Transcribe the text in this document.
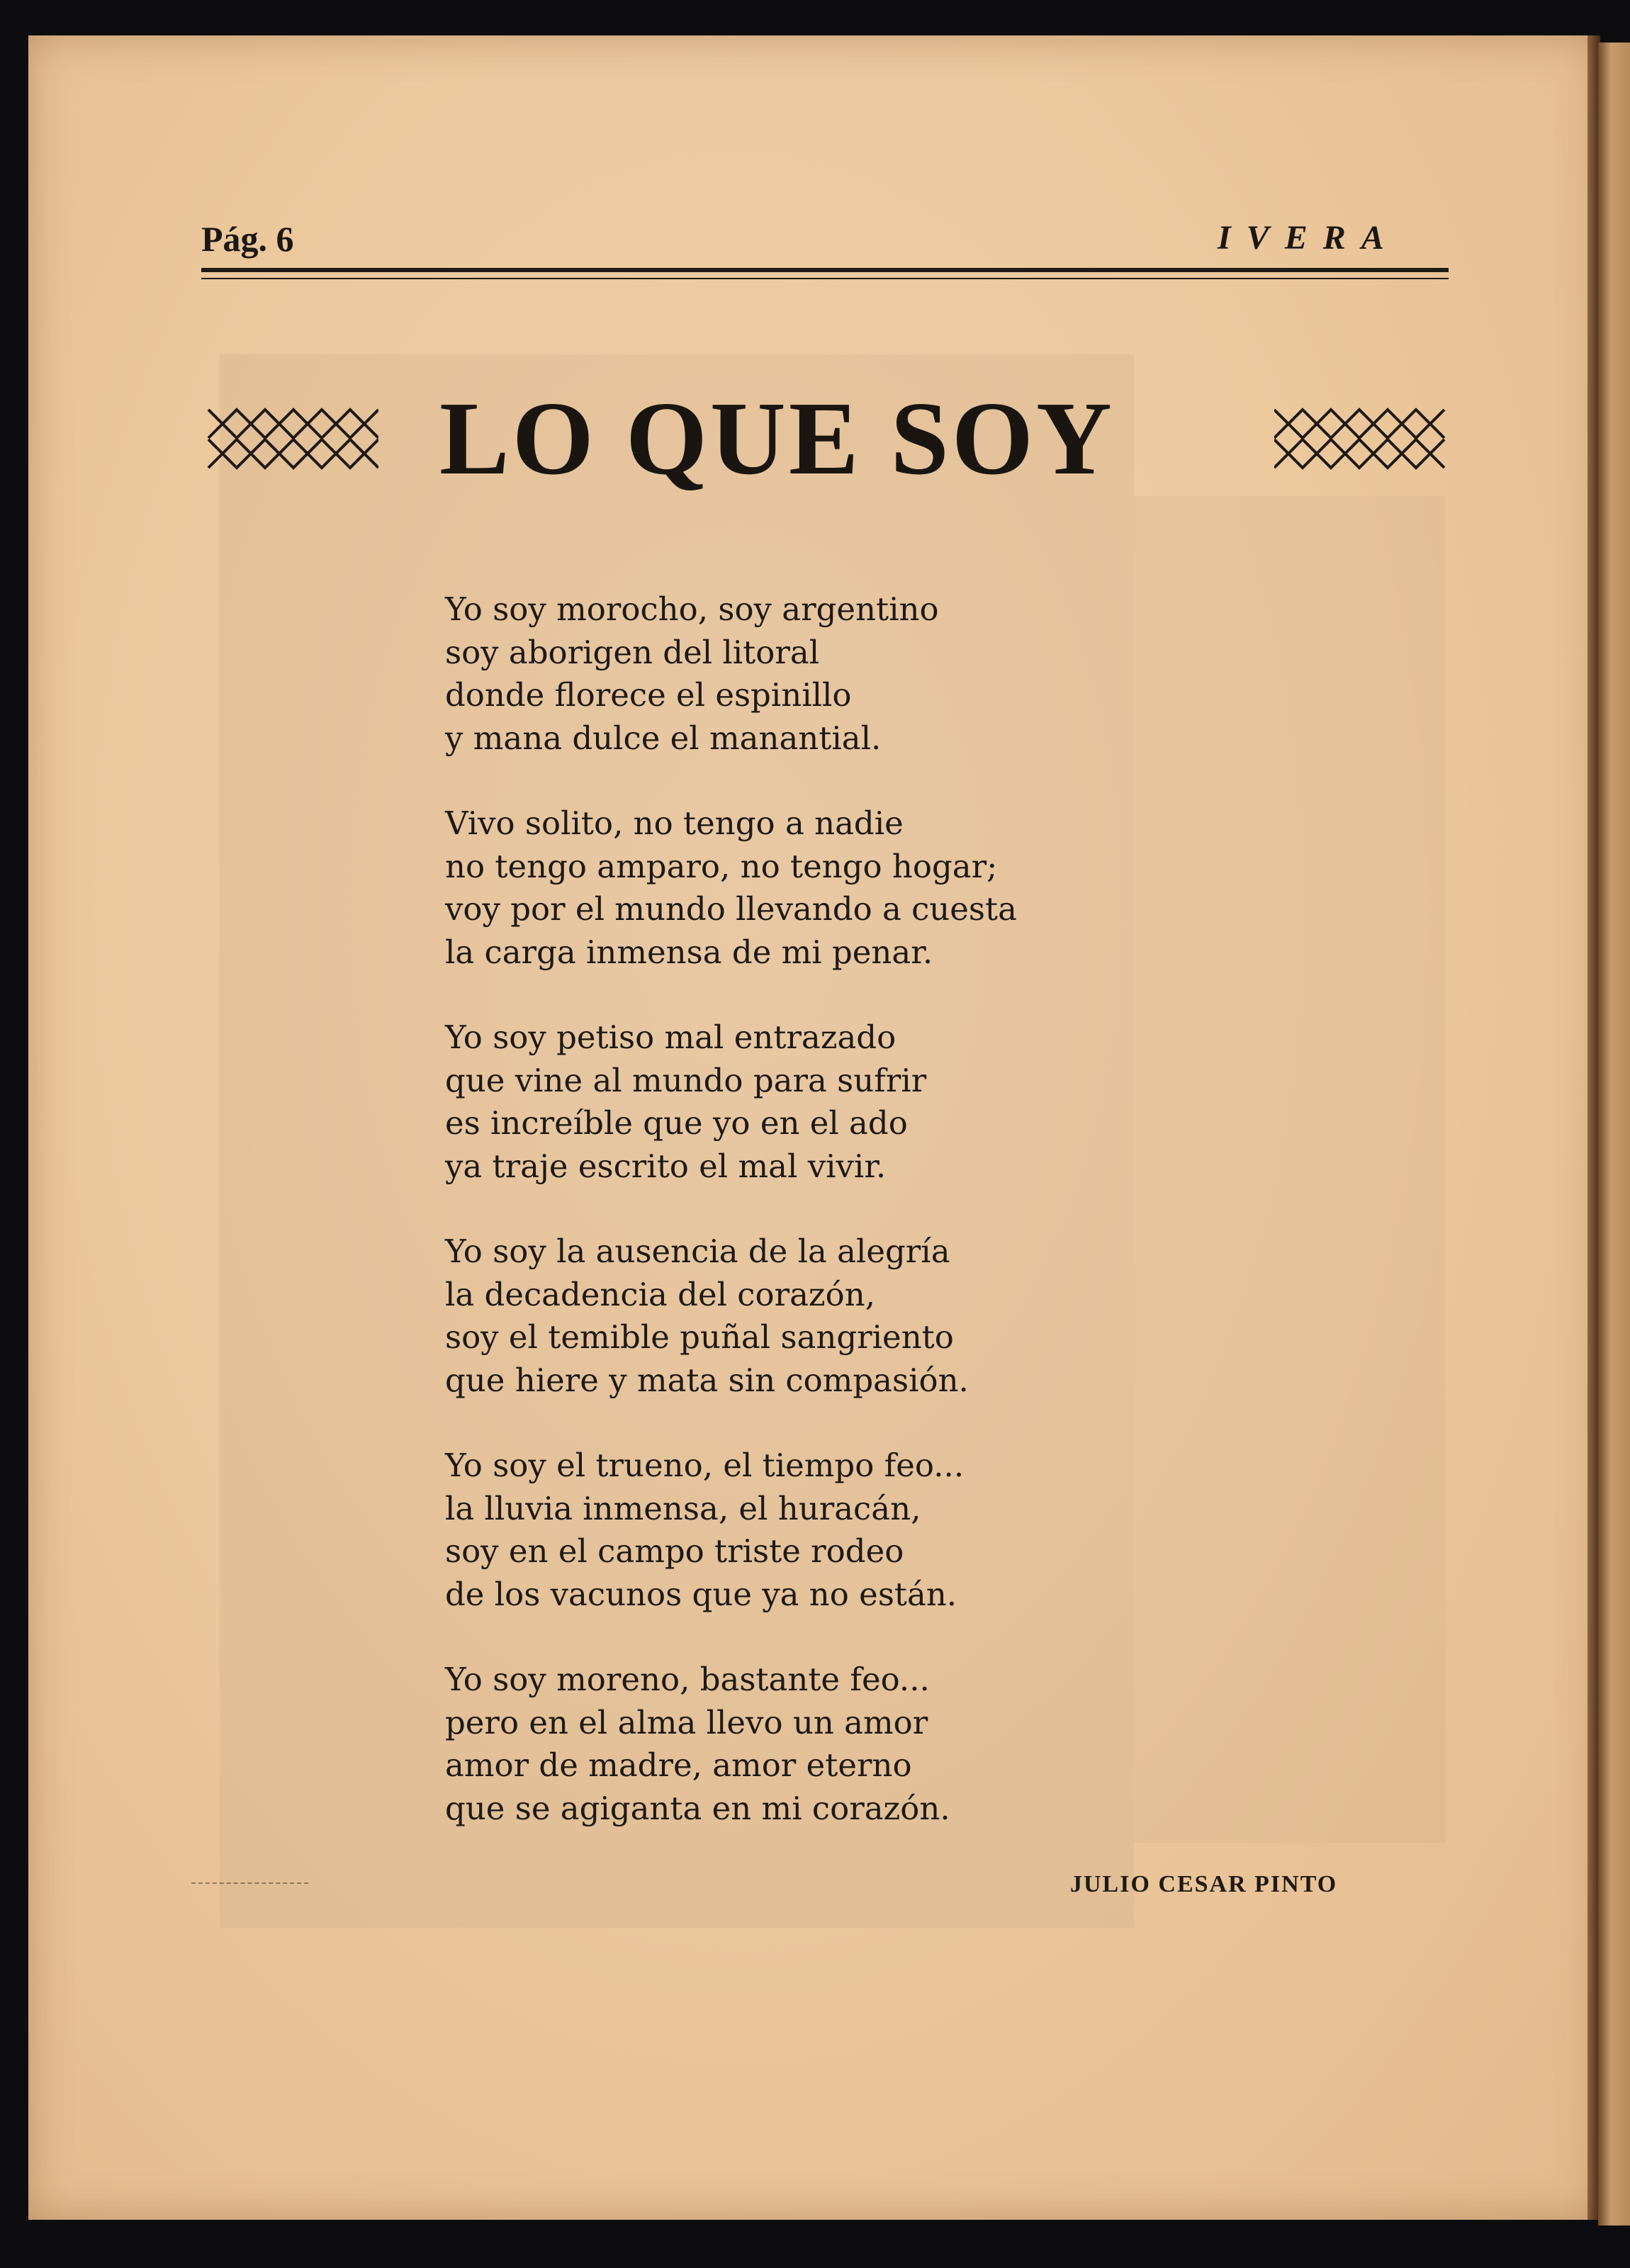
Pág. 6	IVERA
LO QUE SOY
Yo soy morocho, soy argentino
soy aborigen del litoral
donde florece el espinillo
y mana dulce el manantial.
Vivo solito, no tengo a nadie
no tengo amparo, no tengo hogar;
voy por el mundo llevando a cuesta
la carga inmensa de mi penar.
Yo soy petiso mal entrazado
que vine al mundo para sufrir
es increíble que yo en el ado
ya traje escrito el mal vivir.
Yo soy la ausencia de la alegría
la decadencia del corazón,
soy el temible puñal sangriento
que hiere y mata sin compasión.
Yo soy el trueno, el tiempo feo...
la lluvia inmensa, el huracán,
soy en el campo triste rodeo
de los vacunos que ya no están.
Yo soy moreno, bastante feo...
pero en el alma llevo un amor
amor de madre, amor eterno
que se agiganta en mi corazón.
JULIO CESAR PINTO
